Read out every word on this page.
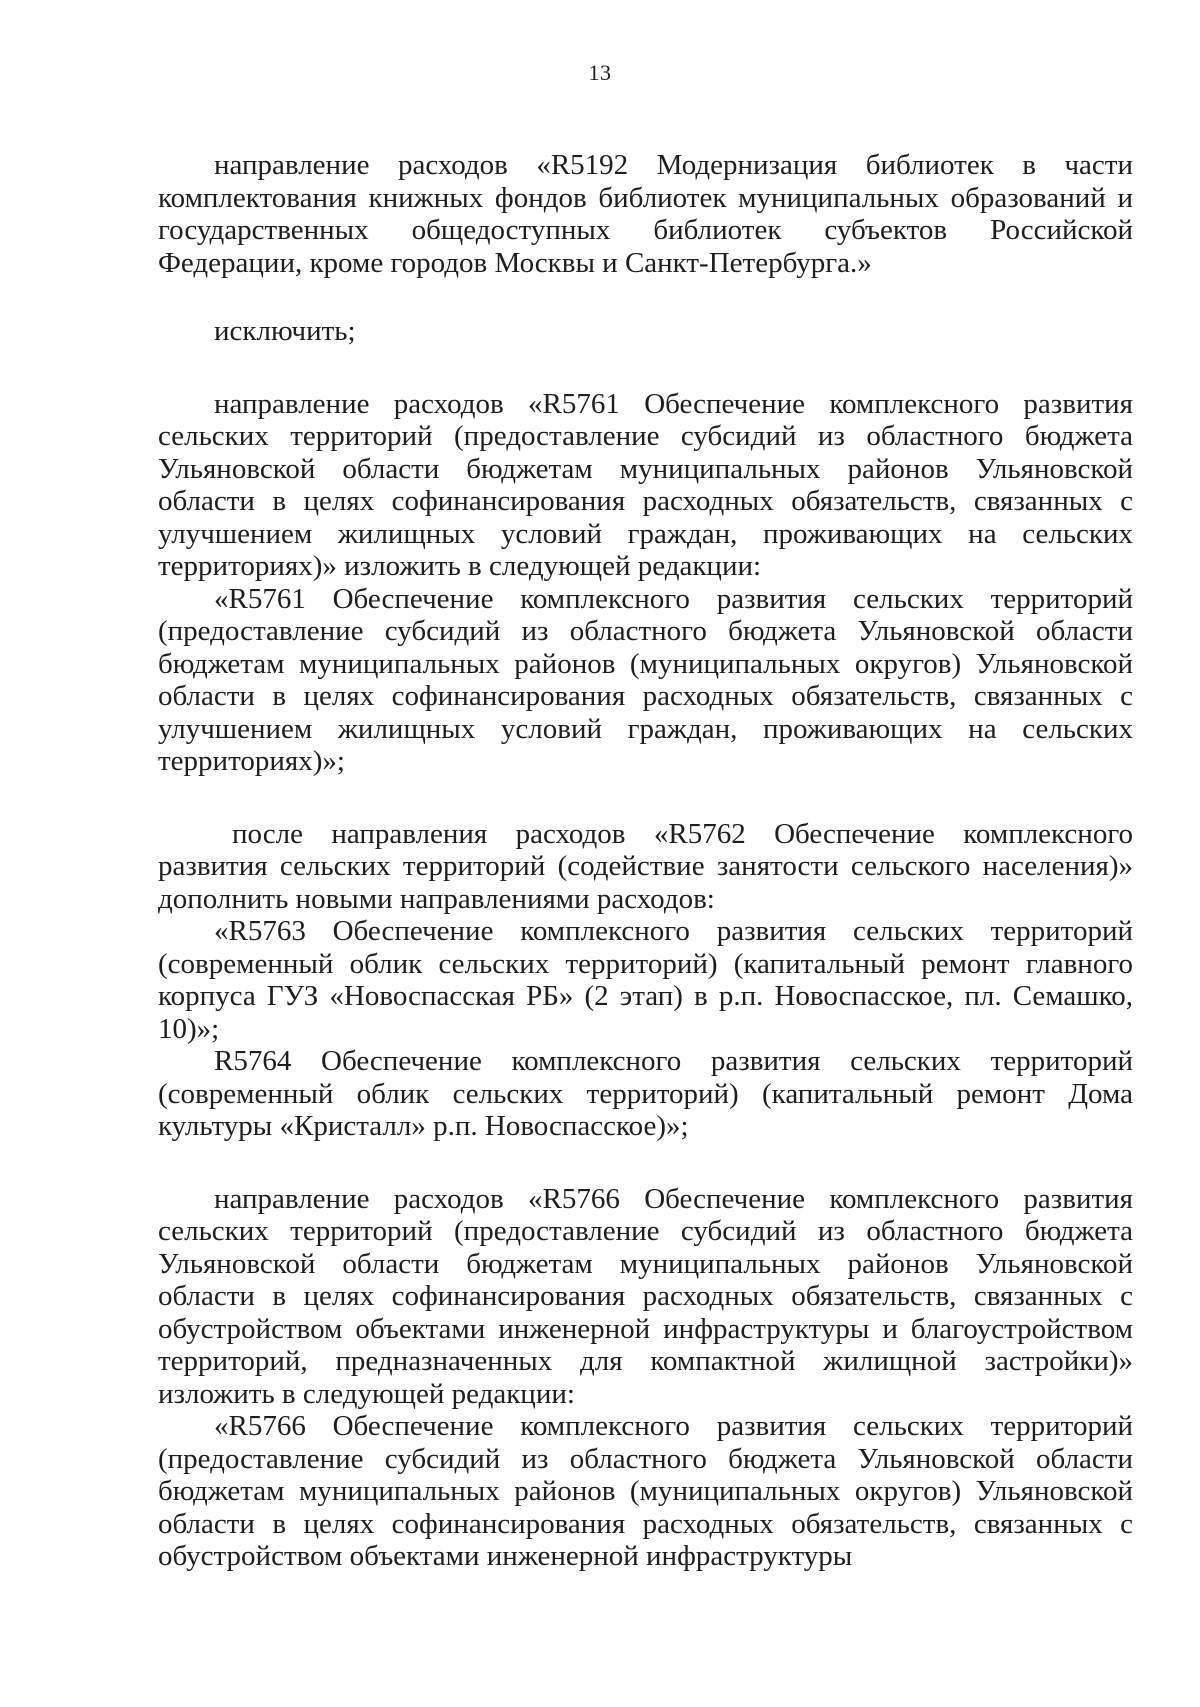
13

направление расходов «R5192 Модернизация библиотек в части комплектования книжных фондов библиотек муниципальных образований и государственных общедоступных библиотек субъектов Российской Федерации, кроме городов Москвы и Санкт-Петербурга.»

исключить;

направление расходов «R5761 Обеспечение комплексного развития сельских территорий (предоставление субсидий из областного бюджета Ульяновской области бюджетам муниципальных районов Ульяновской области в целях софинансирования расходных обязательств, связанных с улучшением жилищных условий граждан, проживающих на сельских территориях)» изложить в следующей редакции:

«R5761 Обеспечение комплексного развития сельских территорий (предоставление субсидий из областного бюджета Ульяновской области бюджетам муниципальных районов (муниципальных округов) Ульяновской области в целях софинансирования расходных обязательств, связанных с улучшением жилищных условий граждан, проживающих на сельских территориях)»;

после направления расходов «R5762 Обеспечение комплексного развития сельских территорий (содействие занятости сельского населения)» дополнить новыми направлениями расходов:

«R5763 Обеспечение комплексного развития сельских территорий (современный облик сельских территорий) (капитальный ремонт главного корпуса ГУЗ «Новоспасская РБ» (2 этап) в р.п. Новоспасское, пл. Семашко, 10)»;

R5764 Обеспечение комплексного развития сельских территорий (современный облик сельских территорий) (капитальный ремонт Дома культуры «Кристалл» р.п. Новоспасское)»;

направление расходов «R5766 Обеспечение комплексного развития сельских территорий (предоставление субсидий из областного бюджета Ульяновской области бюджетам муниципальных районов Ульяновской области в целях софинансирования расходных обязательств, связанных с обустройством объектами инженерной инфраструктуры и благоустройством территорий, предназначенных для компактной жилищной застройки)» изложить в следующей редакции:

«R5766 Обеспечение комплексного развития сельских территорий (предоставление субсидий из областного бюджета Ульяновской области бюджетам муниципальных районов (муниципальных округов) Ульяновской области в целях софинансирования расходных обязательств, связанных с обустройством объектами инженерной инфраструктуры
